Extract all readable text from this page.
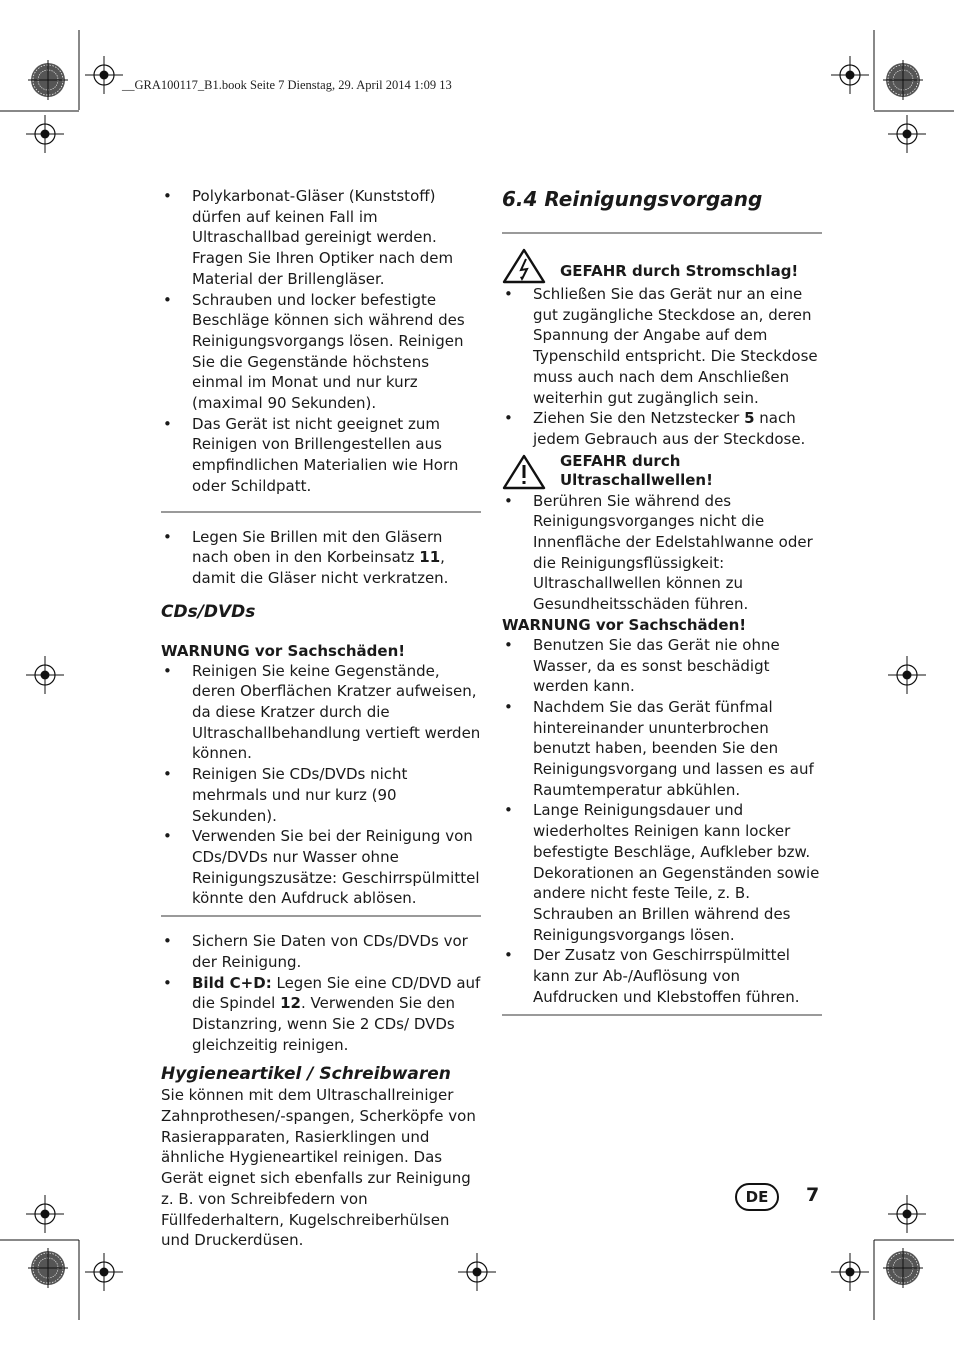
__GRA100117_B1.book Seite 7 Dienstag, 29. April 2014 1:09 13
• Polykarbonat-Gläser (Kunststoff) dürfen auf keinen Fall im Ultraschallbad gereinigt werden. Fragen Sie Ihren Optiker nach dem Material der Brillengläser.
• Schrauben und locker befestigte Beschläge können sich während des Reinigungsvorgangs lösen. Reinigen Sie die Gegenstände höchstens einmal im Monat und nur kurz (maximal 90 Sekunden).
• Das Gerät ist nicht geeignet zum Reinigen von Brillengestellen aus empfindlichen Materialien wie Horn oder Schildpatt.
• Legen Sie Brillen mit den Gläsern nach oben in den Korbeinsatz 11, damit die Gläser nicht verkratzen.
CDs/DVDs
WARNUNG vor Sachschäden!
• Reinigen Sie keine Gegenstände, deren Oberflächen Kratzer aufweisen, da diese Kratzer durch die Ultraschallbehandlung vertieft werden können.
• Reinigen Sie CDs/DVDs nicht mehrmals und nur kurz (90 Sekunden).
• Verwenden Sie bei der Reinigung von CDs/DVDs nur Wasser ohne Reinigungszusätze: Geschirrspülmittel könnte den Aufdruck ablösen.
• Sichern Sie Daten von CDs/DVDs vor der Reinigung.
• Bild C+D: Legen Sie eine CD/DVD auf die Spindel 12. Verwenden Sie den Distanzring, wenn Sie 2 CDs/ DVDs gleichzeitig reinigen.
Hygieneartikel / Schreibwaren

Sie können mit dem Ultraschallreiniger Zahnprothesen/-spangen, Scherköpfe von Rasierapparaten, Rasierklingen und ähnliche Hygieneartikel reinigen. Das Gerät eignet sich ebenfalls zur Reinigung z. B. von Schreibfedern von Füllfederhaltern, Kugelschreiberhülsen und Druckerdüsen.

6.4 Reinigungsvorgang
GEFAHR durch Stromschlag!
• Schließen Sie das Gerät nur an eine gut zugängliche Steckdose an, deren Spannung der Angabe auf dem Typenschild entspricht. Die Steckdose muss auch nach dem Anschließen weiterhin gut zugänglich sein.
• Ziehen Sie den Netzstecker 5 nach jedem Gebrauch aus der Steckdose.
GEFAHR durch Ultraschallwellen!
• Berühren Sie während des Reinigungsvorganges nicht die Innenfläche der Edelstahlwanne oder die Reinigungsflüssigkeit: Ultraschallwellen können zu Gesundheitsschäden führen.
WARNUNG vor Sachschäden!
• Benutzen Sie das Gerät nie ohne Wasser, da es sonst beschädigt werden kann.
• Nachdem Sie das Gerät fünfmal hintereinander ununterbrochen benutzt haben, beenden Sie den Reinigungsvorgang und lassen es auf Raumtemperatur abkühlen.
• Lange Reinigungsdauer und wiederholtes Reinigen kann locker befestigte Beschläge, Aufkleber bzw. Dekorationen an Gegenständen sowie andere nicht feste Teile, z. B. Schrauben an Brillen während des Reinigungsvorgangs lösen.
• Der Zusatz von Geschirrspülmittel kann zur Ab-/Auflösung von Aufdrucken und Klebstoffen führen.
DE	7
